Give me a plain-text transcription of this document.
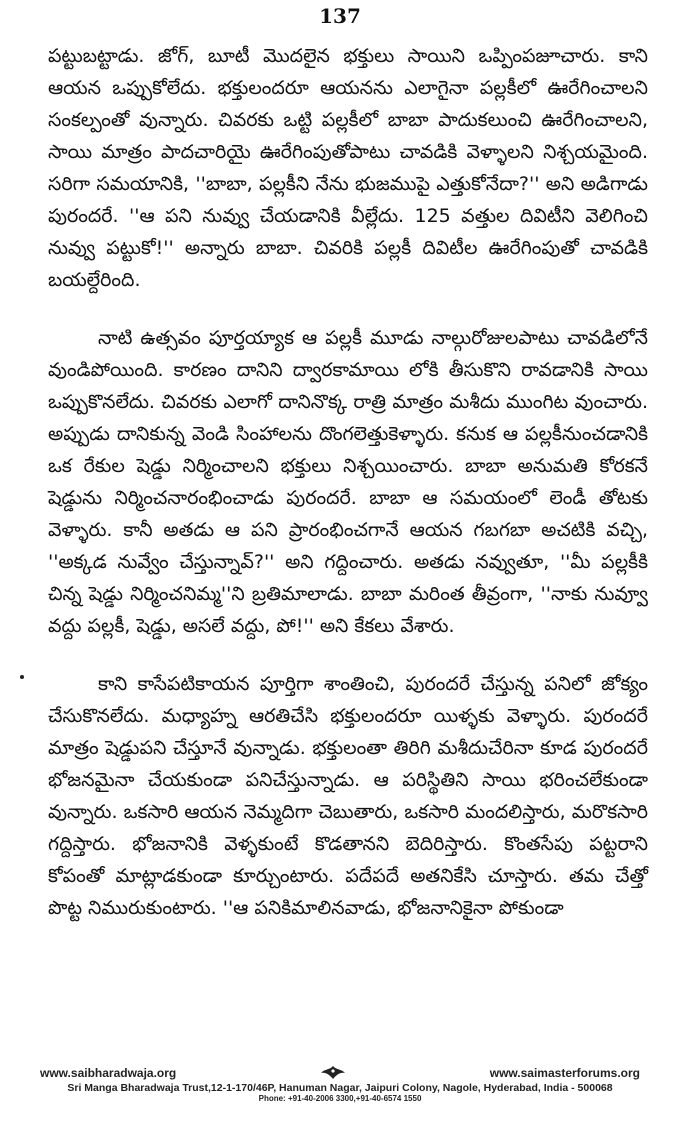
137

పట్టుబట్టాడు. జోగ్, బూటీ మొదలైన భక్తులు సాయిని ఒప్పింపజూచారు. కాని ఆయన ఒప్పుకోలేదు. భక్తులందరూ ఆయనను ఎలాగైనా పల్లకీలో ఊరేగించాలని సంకల్పంతో వున్నారు. చివరకు ఒట్టి పల్లకీలో బాబా పాదుకలుంచి ఊరేగించాలని, సాయి మాత్రం పాదచారియై ఊరేగింపుతోపాటు చావడికి వెళ్ళాలని నిశ్చయమైంది. సరిగా సమయానికి, ''బాబా, పల్లకీని నేను భుజముపై ఎత్తుకోనేదా?'' అని అడిగాడు పురందరే. ''ఆ పని నువ్వు చేయడానికి వీల్లేదు. 125 వత్తుల దివిటీని వెలిగించి నువ్వు పట్టుకో!'' అన్నారు బాబా. చివరికి పల్లకీ దివిటీల ఊరేగింపుతో చావడికి బయల్దేరింది.

నాటి ఉత్సవం పూర్తయ్యాక ఆ పల్లకీ మూడు నాల్గురోజులపాటు చావడిలోనే వుండిపోయింది. కారణం దానిని ద్వారకామాయి లోకి తీసుకొని రావడానికి సాయి ఒప్పుకొనలేదు. చివరకు ఎలాగో దానినొక్క రాత్రి మాత్రం మశీదు ముంగిట వుంచారు. అప్పుడు దానికున్న వెండి సింహాలను దొంగలెత్తుకెళ్ళారు. కనుక ఆ పల్లకీనుంచడానికి ఒక రేకుల షెడ్డు నిర్మించాలని భక్తులు నిశ్చయించారు. బాబా అనుమతి కోరకనే షెడ్డును నిర్మించనారంభించాడు పురందరే. బాబా ఆ సమయంలో లెండీ తోటకు వెళ్ళారు. కానీ అతడు ఆ పని ప్రారంభించగానే ఆయన గబగబా అచటికి వచ్చి, ''అక్కడ నువ్వేం చేస్తున్నావ్?'' అని గద్దించారు. అతడు నవ్వుతూ, ''మీ పల్లకీకి చిన్న షెడ్డు నిర్మించనిమ్మ''ని బ్రతిమాలాడు. బాబా మరింత తీవ్రంగా, ''నాకు నువ్వూ వద్దు పల్లకీ, షెడ్డు, అసలే వద్దు, పో!'' అని కేకలు వేశారు.

కాని కాసేపటికాయన పూర్తిగా శాంతించి, పురందరే చేస్తున్న పనిలో జోక్యం చేసుకొనలేదు. మధ్యాహ్న ఆరతిచేసి భక్తులందరూ యిళ్ళకు వెళ్ళారు. పురందరే మాత్రం షెడ్డుపని చేస్తూనే వున్నాడు. భక్తులంతా తిరిగి మశీదుచేరినా కూడ పురందరే భోజనమైనా చేయకుండా పనిచేస్తున్నాడు. ఆ పరిస్థితిని సాయి భరించలేకుండా వున్నారు. ఒకసారి ఆయన నెమ్మదిగా చెబుతారు, ఒకసారి మందలిస్తారు, మరొకసారి గద్దిస్తారు. భోజనానికి వెళ్ళకుంటే కొడతానని బెదిరిస్తారు. కొంతసేపు పట్టరాని కోపంతో మాట్లాడకుండా కూర్చుంటారు. పదేపదే అతనికేసి చూస్తారు. తమ చేత్తో పొట్ట నిమురుకుంటారు. ''ఆ పనికిమాలినవాడు, భోజనానికైనా పోకుండా

www.saibharadwaja.org	www.saimasterforums.org
Sri Manga Bharadwaja Trust,12-1-170/46P, Hanuman Nagar, Jaipuri Colony, Nagole, Hyderabad, India - 500068
Phone: +91-40-2006 3300,+91-40-6574 1550
